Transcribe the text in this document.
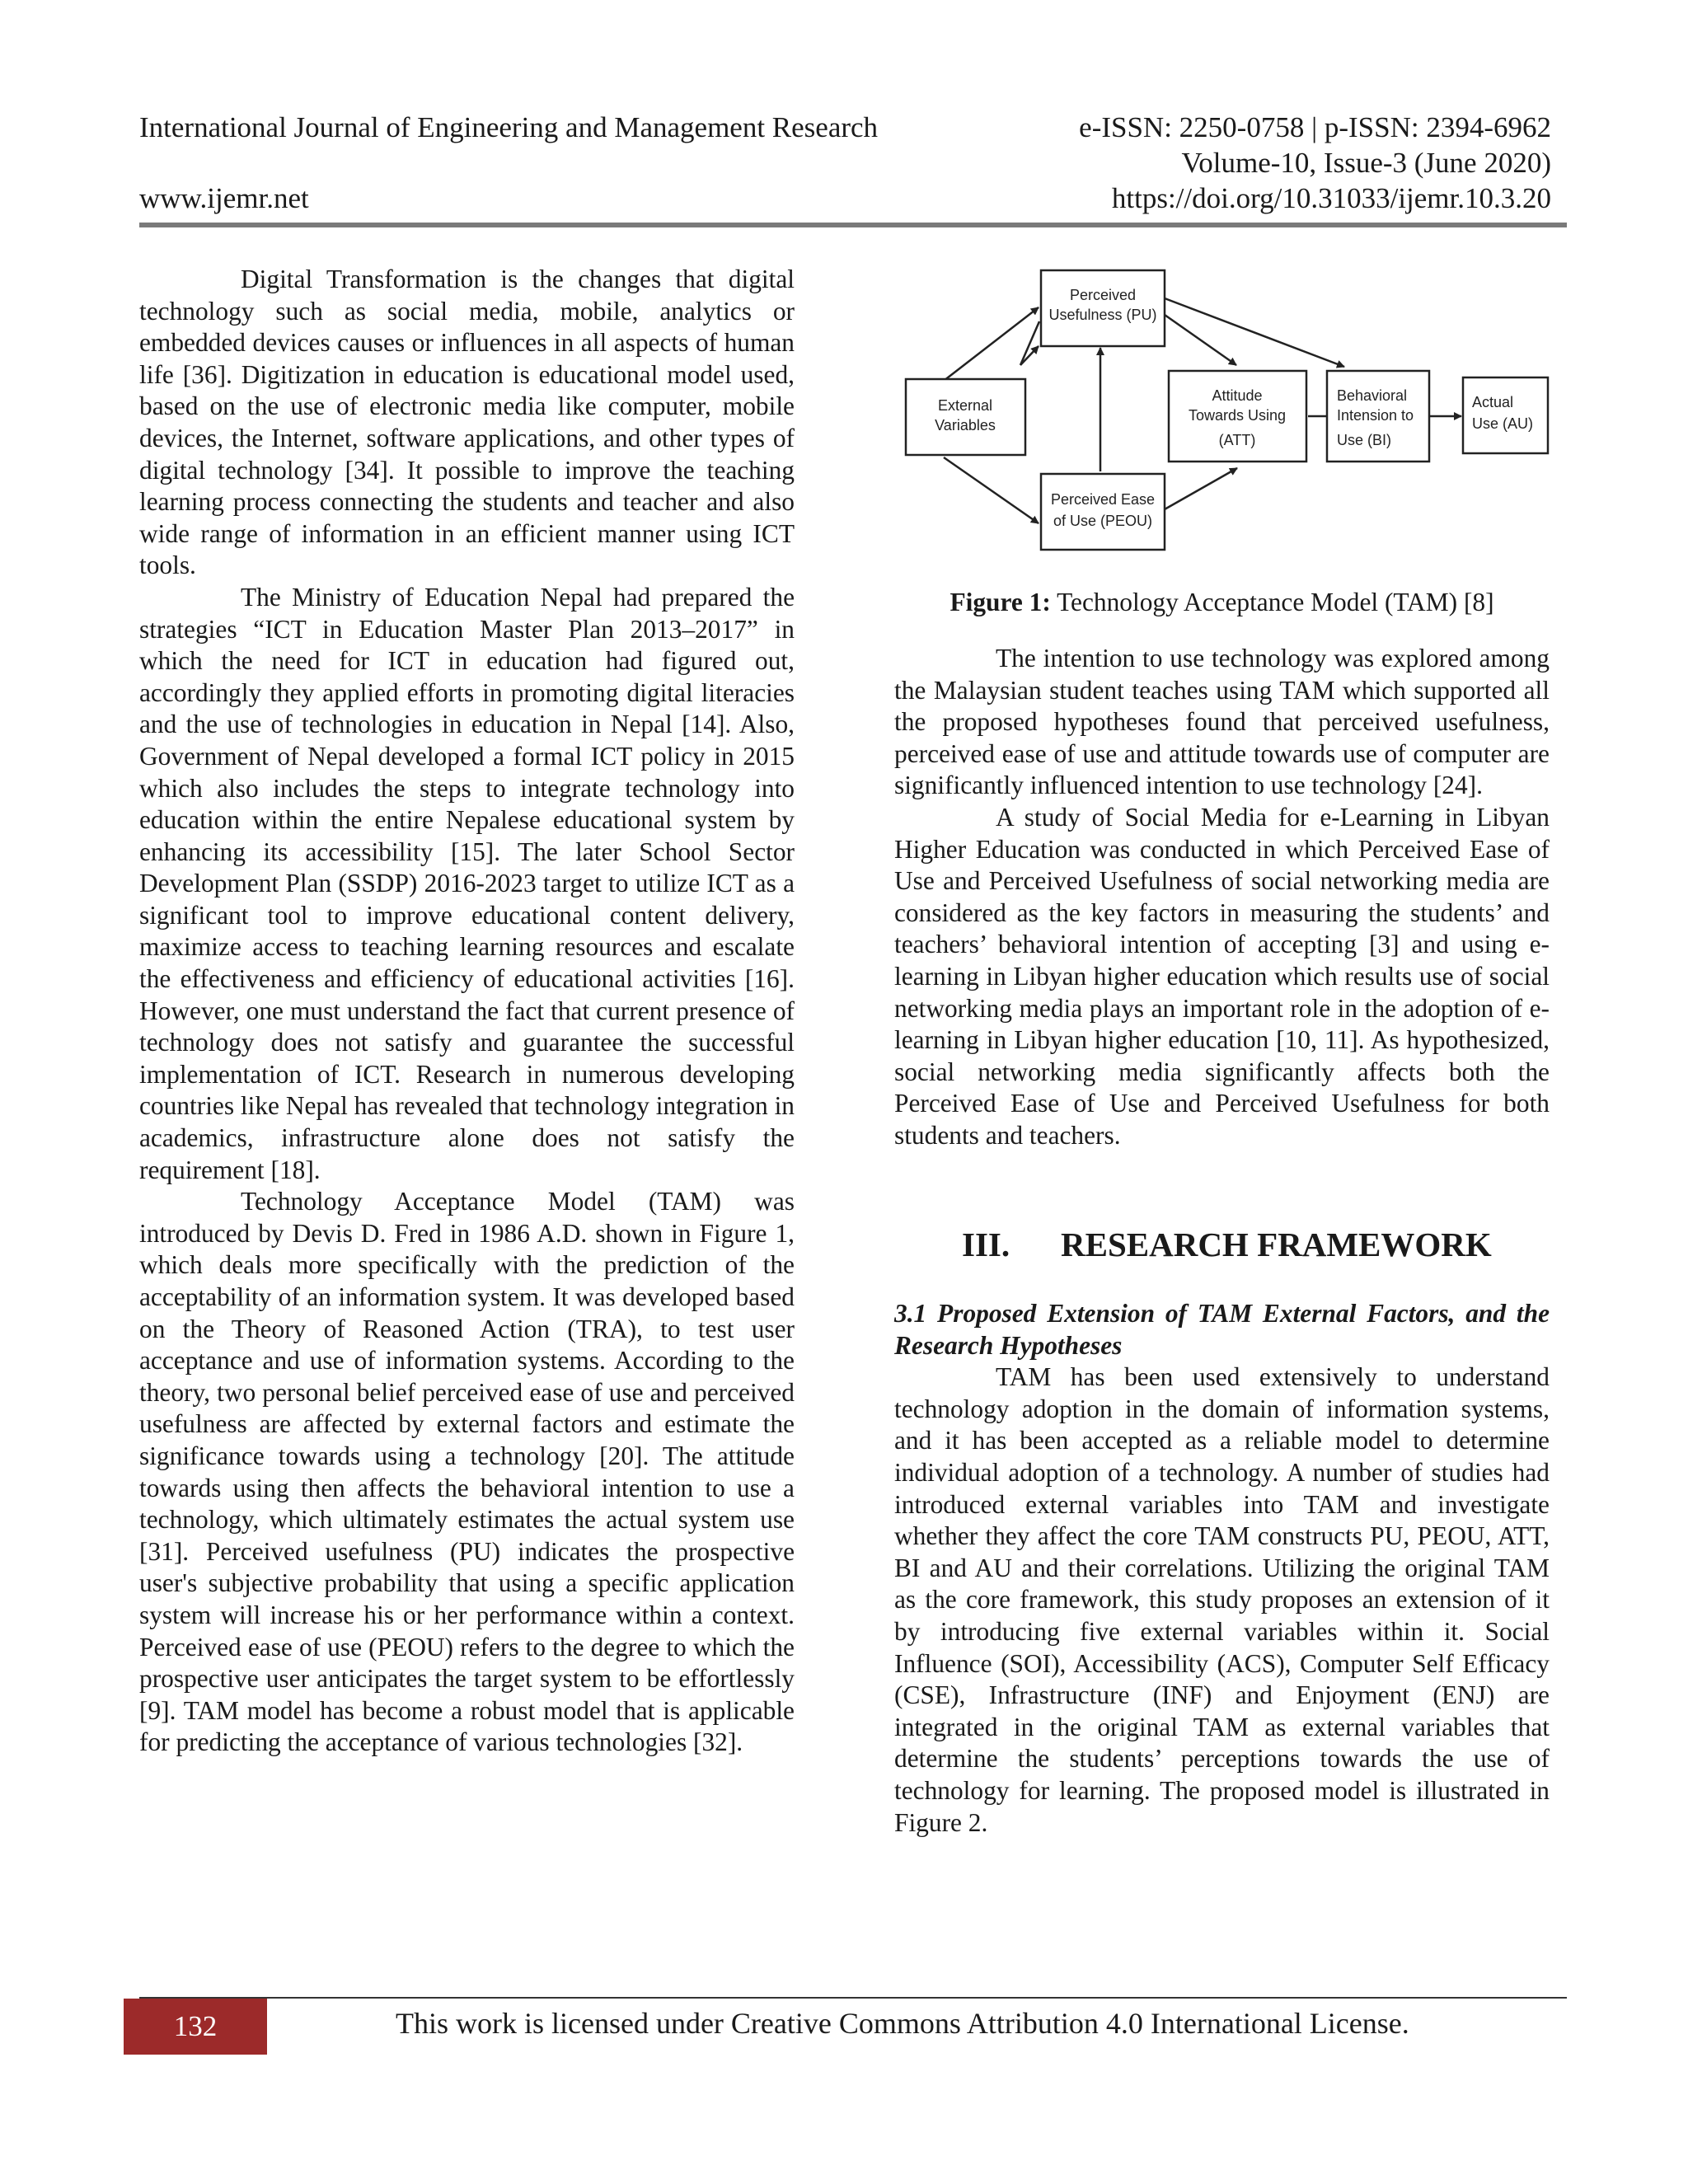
International Journal of Engineering and Management Research
www.ijemr.net
e-ISSN: 2250-0758 | p-ISSN: 2394-6962
Volume-10, Issue-3 (June 2020)
https://doi.org/10.31033/ijemr.10.3.20

Digital Transformation is the changes that digital technology such as social media, mobile, analytics or embedded devices causes or influences in all aspects of human life [36]. Digitization in education is educational model used, based on the use of electronic media like computer, mobile devices, the Internet, software applications, and other types of digital technology [34]. It possible to improve the teaching learning process connecting the students and teacher and also wide range of information in an efficient manner using ICT tools.

The Ministry of Education Nepal had prepared the strategies “ICT in Education Master Plan 2013–2017” in which the need for ICT in education had figured out, accordingly they applied efforts in promoting digital literacies and the use of technologies in education in Nepal [14]. Also, Government of Nepal developed a formal ICT policy in 2015 which also includes the steps to integrate technology into education within the entire Nepalese educational system by enhancing its accessibility [15]. The later School Sector Development Plan (SSDP) 2016-2023 target to utilize ICT as a significant tool to improve educational content delivery, maximize access to teaching learning resources and escalate the effectiveness and efficiency of educational activities [16]. However, one must understand the fact that current presence of technology does not satisfy and guarantee the successful implementation of ICT. Research in numerous developing countries like Nepal has revealed that technology integration in academics, infrastructure alone does not satisfy the requirement [18].

Technology Acceptance Model (TAM) was introduced by Devis D. Fred in 1986 A.D. shown in Figure 1, which deals more specifically with the prediction of the acceptability of an information system. It was developed based on the Theory of Reasoned Action (TRA), to test user acceptance and use of information systems. According to the theory, two personal belief perceived ease of use and perceived usefulness are affected by external factors and estimate the significance towards using a technology [20]. The attitude towards using then affects the behavioral intention to use a technology, which ultimately estimates the actual system use [31]. Perceived usefulness (PU) indicates the prospective user's subjective probability that using a specific application system will increase his or her performance within a context. Perceived ease of use (PEOU) refers to the degree to which the prospective user anticipates the target system to be effortlessly [9]. TAM model has become a robust model that is applicable for predicting the acceptance of various technologies [32].

Perceived
Usefulness (PU)
External
Variables
Attitude
Towards Using
(ATT)
Behavioral
Intension to
Use (BI)
Actual
Use (AU)
Perceived Ease
of Use (PEOU)
Figure 1: Technology Acceptance Model (TAM) [8]

The intention to use technology was explored among the Malaysian student teaches using TAM which supported all the proposed hypotheses found that perceived usefulness, perceived ease of use and attitude towards use of computer are significantly influenced intention to use technology [24].

A study of Social Media for e-Learning in Libyan Higher Education was conducted in which Perceived Ease of Use and Perceived Usefulness of social networking media are considered as the key factors in measuring the students’ and teachers’ behavioral intention of accepting [3] and using e-learning in Libyan higher education which results use of social networking media plays an important role in the adoption of e-learning in Libyan higher education [10, 11]. As hypothesized, social networking media significantly affects both the Perceived Ease of Use and Perceived Usefulness for both students and teachers.

III. RESEARCH FRAMEWORK

3.1 Proposed Extension of TAM External Factors, and the Research Hypotheses

TAM has been used extensively to understand technology adoption in the domain of information systems, and it has been accepted as a reliable model to determine individual adoption of a technology. A number of studies had introduced external variables into TAM and investigate whether they affect the core TAM constructs PU, PEOU, ATT, BI and AU and their correlations. Utilizing the original TAM as the core framework, this study proposes an extension of it by introducing five external variables within it. Social Influence (SOI), Accessibility (ACS), Computer Self Efficacy (CSE), Infrastructure (INF) and Enjoyment (ENJ) are integrated in the original TAM as external variables that determine the students’ perceptions towards the use of technology for learning. The proposed model is illustrated in Figure 2.

132	This work is licensed under Creative Commons Attribution 4.0 International License.
